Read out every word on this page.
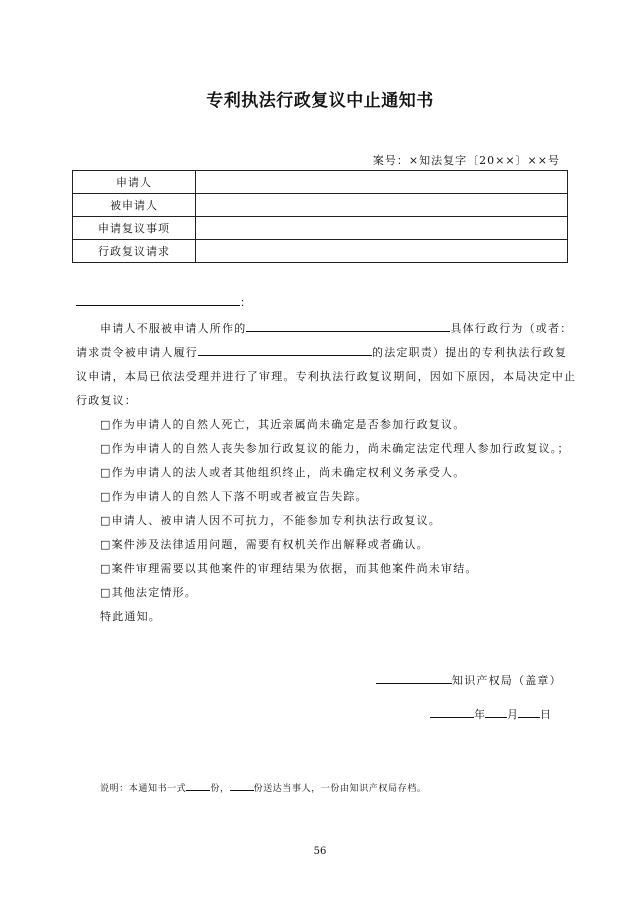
专利执法行政复议中止通知书
案号：×知法复字〔20××〕××号
申请人	
被申请人	
申请复议事项	
行政复议请求	
：
申请人不服被申请人所作的	具体行政行为（或者：
请求责令被申请人履行	的法定职责）提出的专利执法行政复
议申请，本局已依法受理并进行了审理。专利执法行政复议期间，因如下原因，本局决定中止
行政复议：
□作为申请人的自然人死亡，其近亲属尚未确定是否参加行政复议。
□作为申请人的自然人丧失参加行政复议的能力，尚未确定法定代理人参加行政复议。；
□作为申请人的法人或者其他组织终止，尚未确定权利义务承受人。
□作为申请人的自然人下落不明或者被宣告失踪。
□申请人、被申请人因不可抗力，不能参加专利执法行政复议。
□案件涉及法律适用问题，需要有权机关作出解释或者确认。
□案件审理需要以其他案件的审理结果为依据，而其他案件尚未审结。
□其他法定情形。
特此通知。
知识产权局（盖章）
年 月 日
说明：本通知书一式	份，	份送达当事人，一份由知识产权局存档。
56
